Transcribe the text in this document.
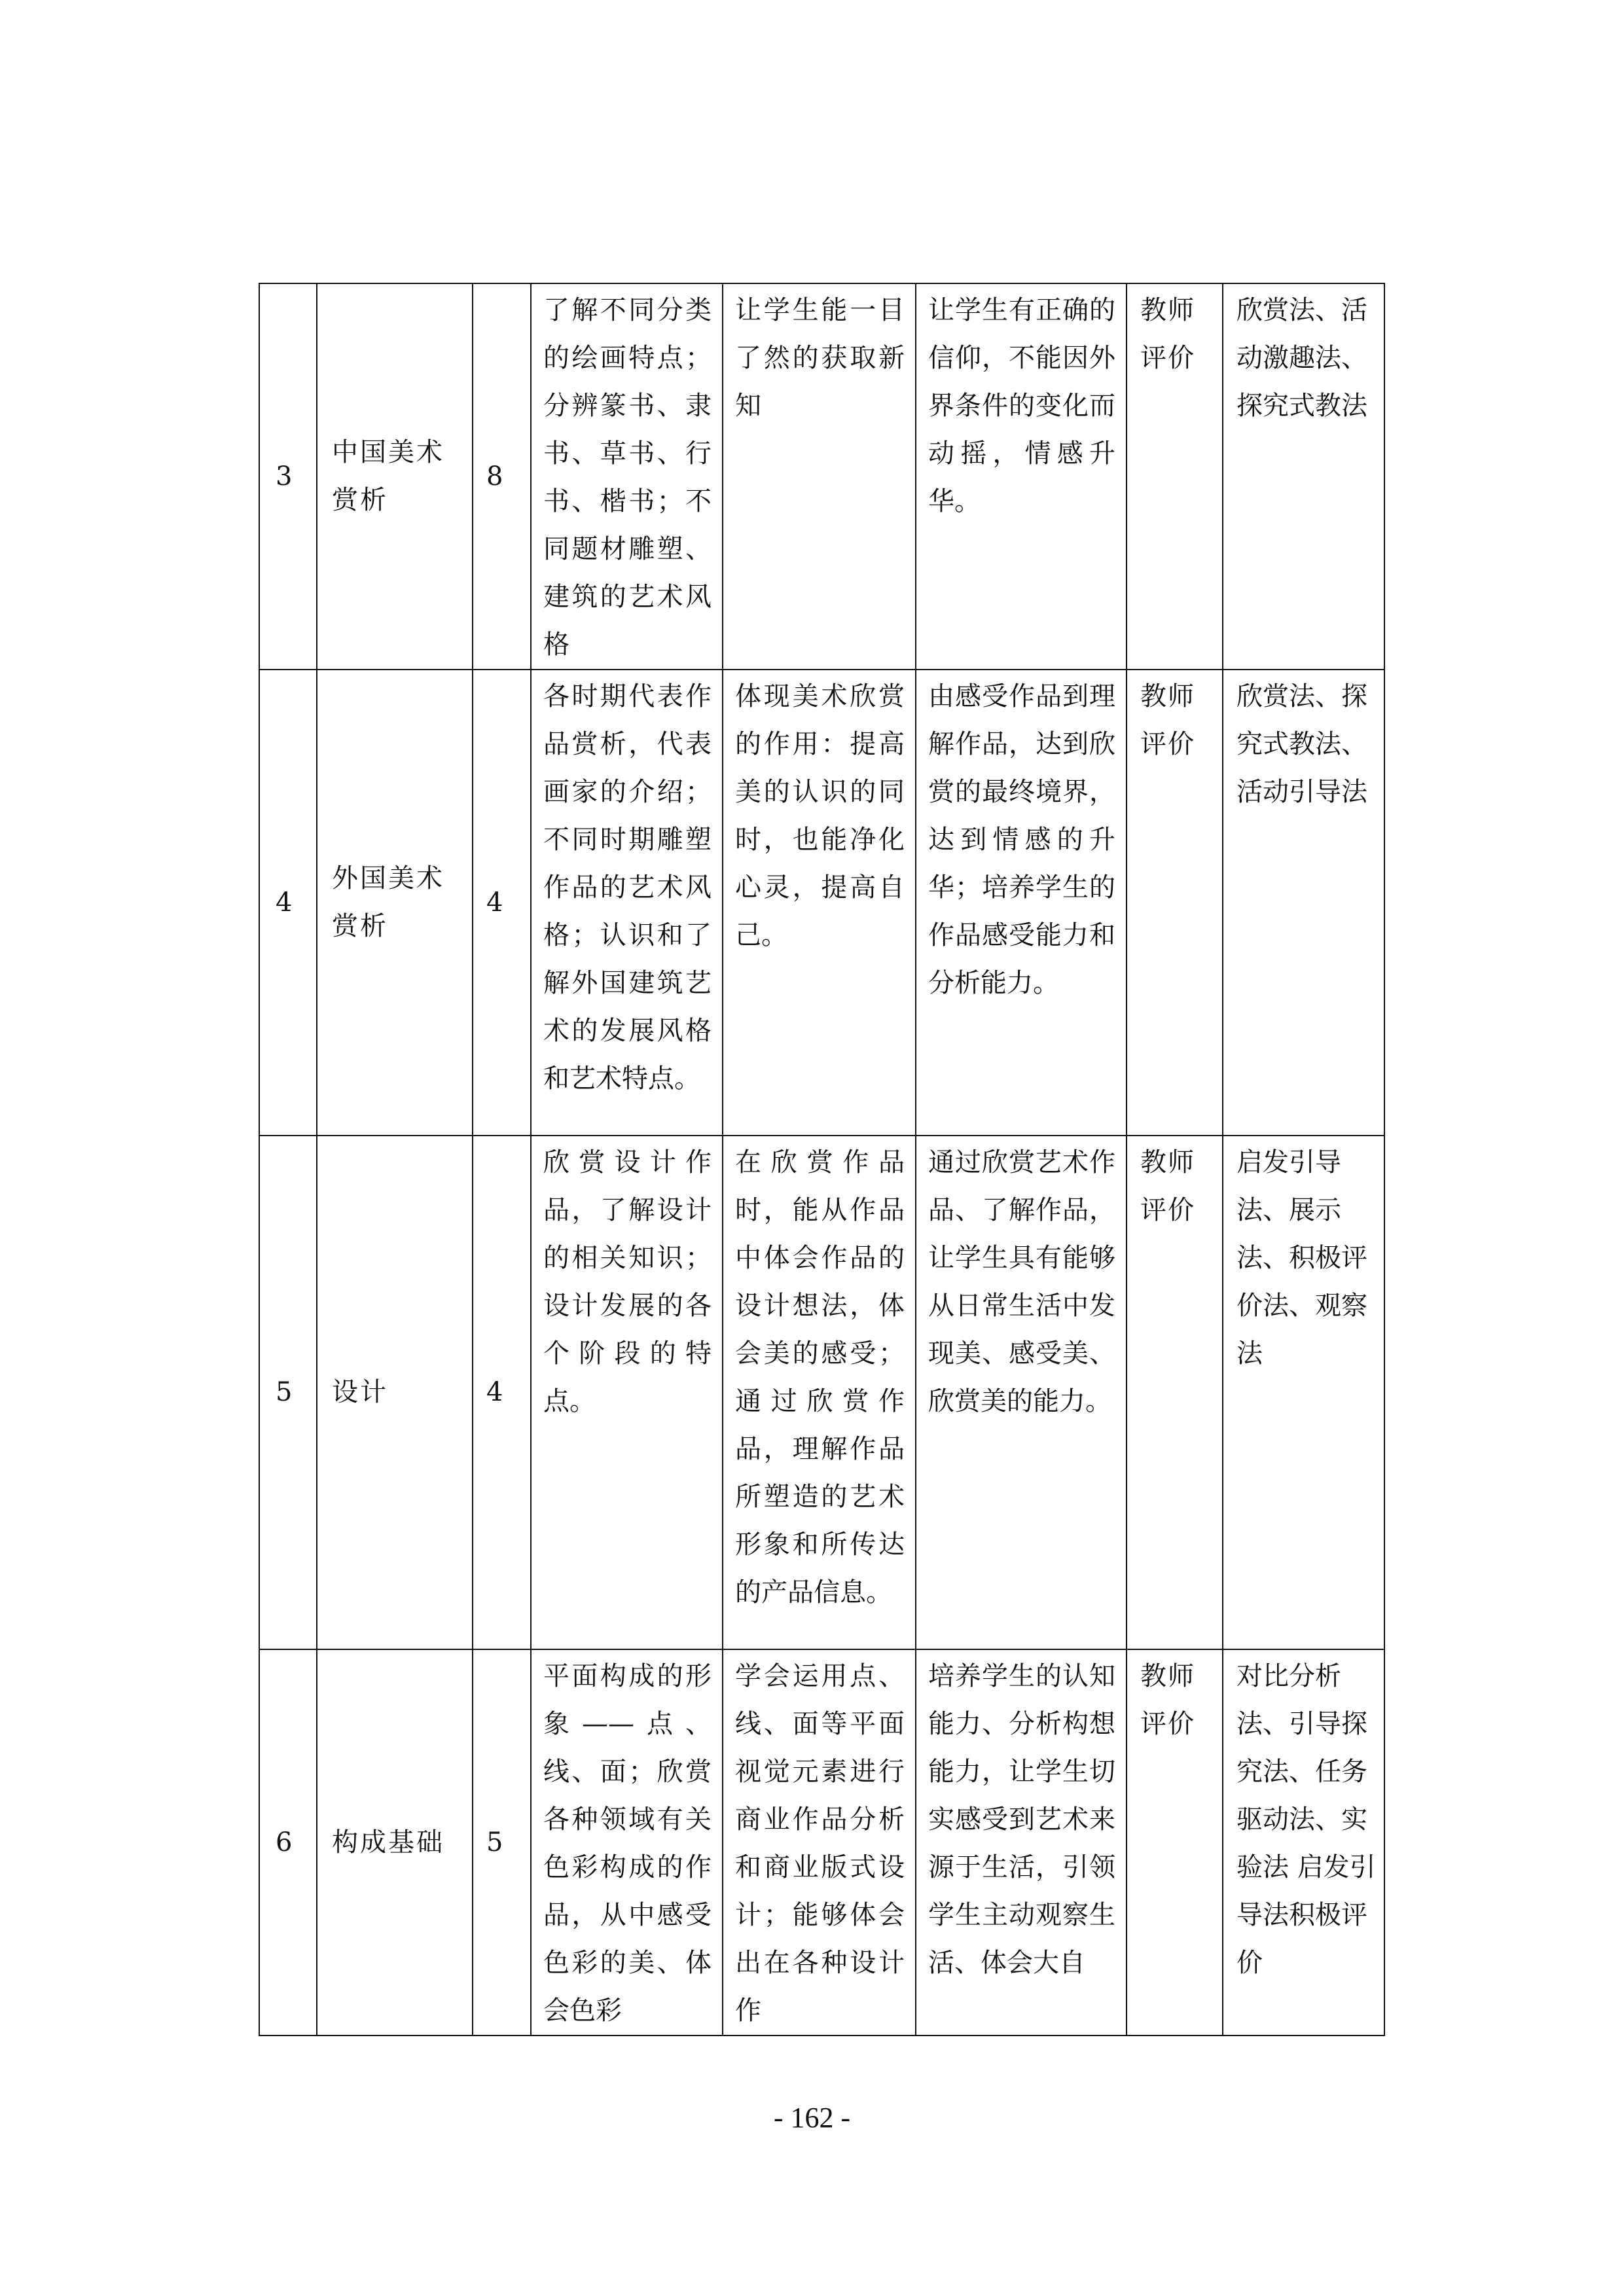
3	中国美术赏析	8	了解不同分类的绘画特点；分辨篆书、隶书、草书、行书、楷书；不同题材雕塑、建筑的艺术风格	让学生能一目了然的获取新知	让学生有正确的信仰，不能因外界条件的变化而动摇，情感升华。	教师评价	欣赏法、活动激趣法、探究式教法
4	外国美术赏析	4	各时期代表作品赏析，代表画家的介绍；不同时期雕塑作品的艺术风格；认识和了解外国建筑艺术的发展风格和艺术特点。	体现美术欣赏的作用：提高美的认识的同时，也能净化心灵，提高自己。	由感受作品到理解作品，达到欣赏的最终境界，达到情感的升华；培养学生的作品感受能力和分析能力。	教师评价	欣赏法、探究式教法、活动引导法
5	设计	4	欣赏设计作品，了解设计的相关知识；设计发展的各个阶段的特点。	在欣赏作品时，能从作品中体会作品的设计想法，体会美的感受；通过欣赏作品，理解作品所塑造的艺术形象和所传达的产品信息。	通过欣赏艺术作品、了解作品，让学生具有能够从日常生活中发现美、感受美、欣赏美的能力。	教师评价	启发引导法、展示法、积极评价法、观察法
6	构成基础	5	平面构成的形象——点、线、面；欣赏各种领域有关色彩构成的作品，从中感受色彩的美、体会色彩	学会运用点、线、面等平面视觉元素进行商业作品分析和商业版式设计；能够体会出在各种设计作	培养学生的认知能力、分析构想能力，让学生切实感受到艺术来源于生活，引领学生主动观察生活、体会大自	教师评价	对比分析法、引导探究法、任务驱动法、实验法 启发引导法积极评价
- 162 -
